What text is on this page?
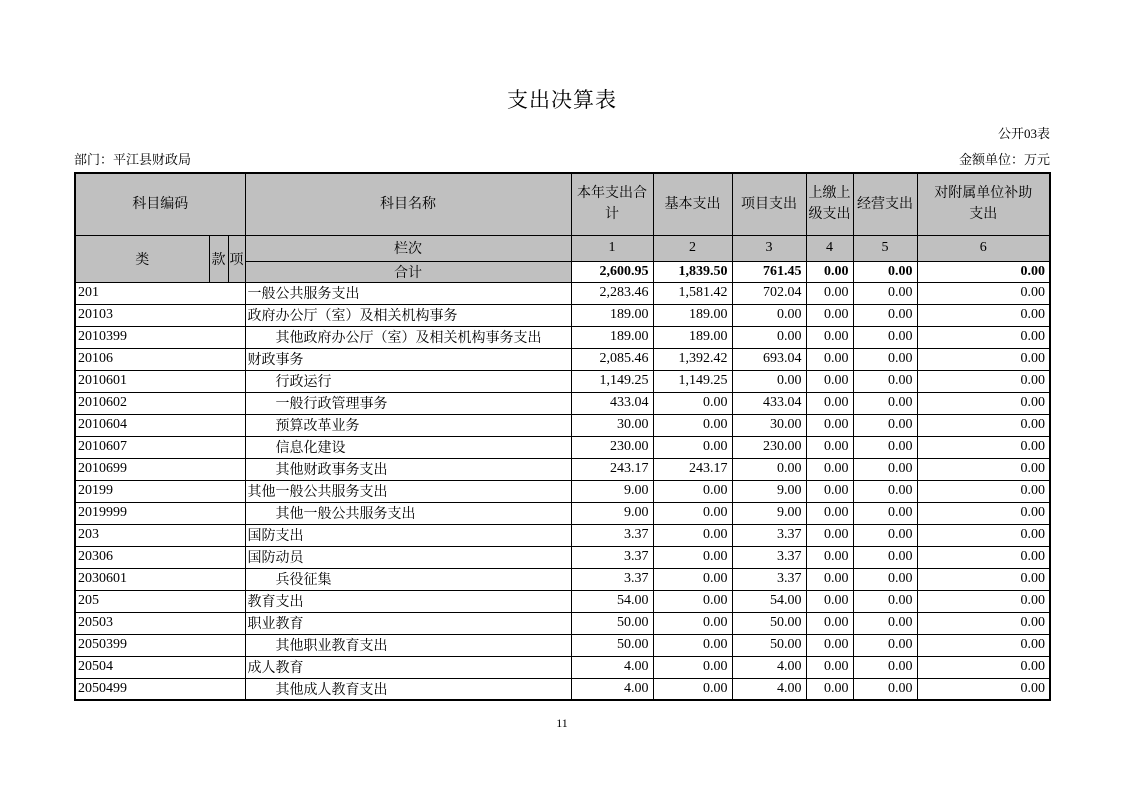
支出决算表
公开03表
部门：平江县财政局	金额单位：万元
科目编码			科目名称	本年支出合计	基本支出	项目支出	上缴上级支出	经营支出	对附属单位补助支出
类	款	项	栏次	1	2	3	4	5	6
			合计	2,600.95	1,839.50	761.45	0.00	0.00	0.00
201			一般公共服务支出	2,283.46	1,581.42	702.04	0.00	0.00	0.00
20103			政府办公厅（室）及相关机构事务	189.00	189.00	0.00	0.00	0.00	0.00
2010399			其他政府办公厅（室）及相关机构事务支出	189.00	189.00	0.00	0.00	0.00	0.00
20106			财政事务	2,085.46	1,392.42	693.04	0.00	0.00	0.00
2010601			行政运行	1,149.25	1,149.25	0.00	0.00	0.00	0.00
2010602			一般行政管理事务	433.04	0.00	433.04	0.00	0.00	0.00
2010604			预算改革业务	30.00	0.00	30.00	0.00	0.00	0.00
2010607			信息化建设	230.00	0.00	230.00	0.00	0.00	0.00
2010699			其他财政事务支出	243.17	243.17	0.00	0.00	0.00	0.00
20199			其他一般公共服务支出	9.00	0.00	9.00	0.00	0.00	0.00
2019999			其他一般公共服务支出	9.00	0.00	9.00	0.00	0.00	0.00
203			国防支出	3.37	0.00	3.37	0.00	0.00	0.00
20306			国防动员	3.37	0.00	3.37	0.00	0.00	0.00
2030601			兵役征集	3.37	0.00	3.37	0.00	0.00	0.00
205			教育支出	54.00	0.00	54.00	0.00	0.00	0.00
20503			职业教育	50.00	0.00	50.00	0.00	0.00	0.00
2050399			其他职业教育支出	50.00	0.00	50.00	0.00	0.00	0.00
20504			成人教育	4.00	0.00	4.00	0.00	0.00	0.00
2050499			其他成人教育支出	4.00	0.00	4.00	0.00	0.00	0.00
11
